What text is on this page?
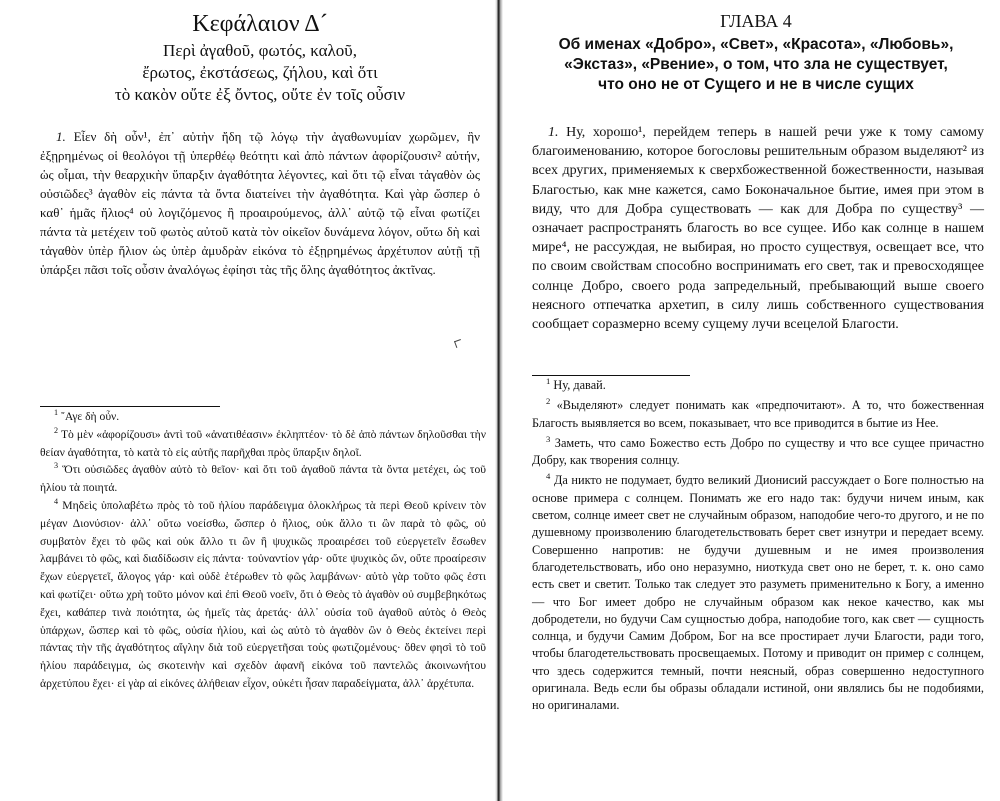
Κεφάλαιον Δ´
Περὶ ἀγαθοῦ, φωτός, καλοῦ,
ἔρωτος, ἐκστάσεως, ζήλου, καὶ ὅτι
τὸ κακὸν οὔτε ἐξ ὄντος, οὔτε ἐν τοῖς οὖσιν

1. Εἶεν δὴ οὖν¹, ἐπ᾽ αὐτὴν ἤδη τῷ λόγῳ τὴν ἀγαθωνυμίαν χωρῶμεν, ἣν ἐξῃρημένως οἱ θεολόγοι τῇ ὑπερθέῳ θεότητι καὶ ἀπὸ πάντων ἀφορίζουσιν² αὐτήν, ὡς οἶμαι, τὴν θεαρχικὴν ὕπαρξιν ἀγαθότητα λέγοντες, καὶ ὅτι τῷ εἶναι τἀγαθὸν ὡς οὐσιῶδες³ ἀγαθὸν εἰς πάντα τὰ ὄντα διατείνει τὴν ἀγαθότητα. Καὶ γὰρ ὥσπερ ὁ καθ᾽ ἡμᾶς ἥλιος⁴ οὐ λογιζόμενος ἢ προαιρούμενος, ἀλλ᾽ αὐτῷ τῷ εἶναι φωτίζει πάντα τὰ μετέχειν τοῦ φωτὸς αὐτοῦ κατὰ τὸν οἰκεῖον δυνάμενα λόγον, οὕτω δὴ καὶ τἀγαθὸν ὑπὲρ ἥλιον ὡς ὑπὲρ ἀμυδρὰν εἰκόνα τὸ ἐξῃρημένως ἀρχέτυπον αὐτῇ τῇ ὑπάρξει πᾶσι τοῖς οὖσιν ἀναλόγως ἐφίησι τὰς τῆς ὅλης ἀγαθότητος ἀκτῖνας.

$^1$ ῎Αγε δὴ οὖν.

$^2$ Τὸ μὲν «ἀφορίζουσι» ἀντὶ τοῦ «ἀνατιθέασιν» ἐκληπτέον· τὸ δὲ ἀπὸ πάντων δηλοῦσθαι τὴν θείαν ἀγαθότητα, τὸ κατὰ τὸ εἰς αὐτῆς παρῆχθαι πρὸς ὕπαρξιν δηλοῖ.

$^3$ Ὅτι οὐσιῶδες ἀγαθὸν αὐτὸ τὸ θεῖον· καὶ ὅτι τοῦ ἀγαθοῦ πάντα τὰ ὄντα μετέχει, ὡς τοῦ ἡλίου τὰ ποιητά.

$^4$ Μηδεὶς ὑπολαβέτω πρὸς τὸ τοῦ ἡλίου παράδειγμα ὁλοκλήρως τὰ περὶ Θεοῦ κρίνειν τὸν μέγαν Διονύσιον· ἀλλ᾽ οὕτω νοείσθω, ὥσπερ ὁ ἥλιος, οὐκ ἄλλο τι ὢν παρὰ τὸ φῶς, οὐ συμβατὸν ἔχει τὸ φῶς καὶ οὐκ ἄλλο τι ὢν ἢ ψυχικῶς προαιρέσει τοῦ εὐεργετεῖν ἔσωθεν λαμβάνει τὸ φῶς, καὶ διαδίδωσιν εἰς πάντα· τοὐναντίον γάρ· οὔτε ψυχικὸς ὤν, οὔτε προαίρεσιν ἔχων εὐεργετεῖ, ἄλογος γάρ· καὶ οὐδὲ ἑτέρωθεν τὸ φῶς λαμβάνων· αὐτὸ γὰρ τοῦτο φῶς ἐστι καὶ φωτίζει· οὕτω χρὴ τοῦτο μόνον καὶ ἐπὶ Θεοῦ νοεῖν, ὅτι ὁ Θεὸς τὸ ἀγαθὸν οὐ συμβεβηκότως ἔχει, καθάπερ τινὰ ποιότητα, ὡς ἡμεῖς τὰς ἀρετάς· ἀλλ᾽ οὐσία τοῦ ἀγαθοῦ αὐτὸς ὁ Θεὸς ὑπάρχων, ὥσπερ καὶ τὸ φῶς, οὐσία ἡλίου, καὶ ὡς αὐτὸ τὸ ἀγαθὸν ὢν ὁ Θεὸς ἐκτείνει περὶ πάντας τὴν τῆς ἀγαθότητος αἴγλην διὰ τοῦ εὐεργετῆσαι τοὺς φωτιζομένους· ὅθεν φησὶ τὸ τοῦ ἡλίου παράδειγμα, ὡς σκοτεινὴν καὶ σχεδὸν ἀφανῆ εἰκόνα τοῦ παντελῶς ἀκοινωνήτου ἀρχετύπου ἔχει· εἰ γὰρ αἱ εἰκόνες ἀλήθειαν εἶχον, οὐκέτι ἦσαν παραδείγματα, ἀλλ᾽ ἀρχέτυπα.

ГЛАВА 4
Об именах «Добро», «Свет», «Красота», «Любовь»,
«Экстаз», «Рвение», о том, что зла не существует,
что оно не от Сущего и не в числе сущих

1. Ну, хорошо¹, перейдем теперь в нашей речи уже к тому самому благоименованию, которое богословы решительным образом выделяют² из всех других, применяемых к сверхбожественной божественности, называя Благостью, как мне кажется, само Боконачальное бытие, имея при этом в виду, что для Добра существовать — как для Добра по существу³ — означает распространять благость во все сущее. Ибо как солнце в нашем мире⁴, не рассуждая, не выбирая, но просто существуя, освещает все, что по своим свойствам способно воспринимать его свет, так и превосходящее солнце Добро, своего рода запредельный, пребывающий выше своего неясного отпечатка архетип, в силу лишь собственного существования сообщает соразмерно всему сущему лучи всецелой Благости.

$^1$ Ну, давай.

$^2$ «Выделяют» следует понимать как «предпочитают». А то, что божественная Благость выявляется во всем, показывает, что все приводится в бытие из Нее.

$^3$ Заметь, что само Божество есть Добро по существу и что все сущее причастно Добру, как творения солнцу.

$^4$ Да никто не подумает, будто великий Дионисий рассуждает о Боге полностью на основе примера с солнцем. Понимать же его надо так: будучи ничем иным, как светом, солнце имеет свет не случайным образом, наподобие чего-то другого, и не по душевному произволению благодетельствовать берет свет изнутри и передает всему. Совершенно напротив: не будучи душевным и не имея произволения благодетельствовать, ибо оно неразумно, ниоткуда свет оно не берет, т. к. оно само есть свет и светит. Только так следует это разуметь применительно к Богу, а именно — что Бог имеет добро не случайным образом как некое качество, как мы добродетели, но будучи Сам сущностью добра, наподобие того, как свет — сущность солнца, и будучи Самим Добром, Бог на все простирает лучи Благости, ради того, чтобы благодетельствовать просвещаемых. Потому и приводит он пример с солнцем, что здесь содержится темный, почти неясный, образ совершенно недоступного оригинала. Ведь если бы образы обладали истиной, они являлись бы не подобиями, но оригиналами.
